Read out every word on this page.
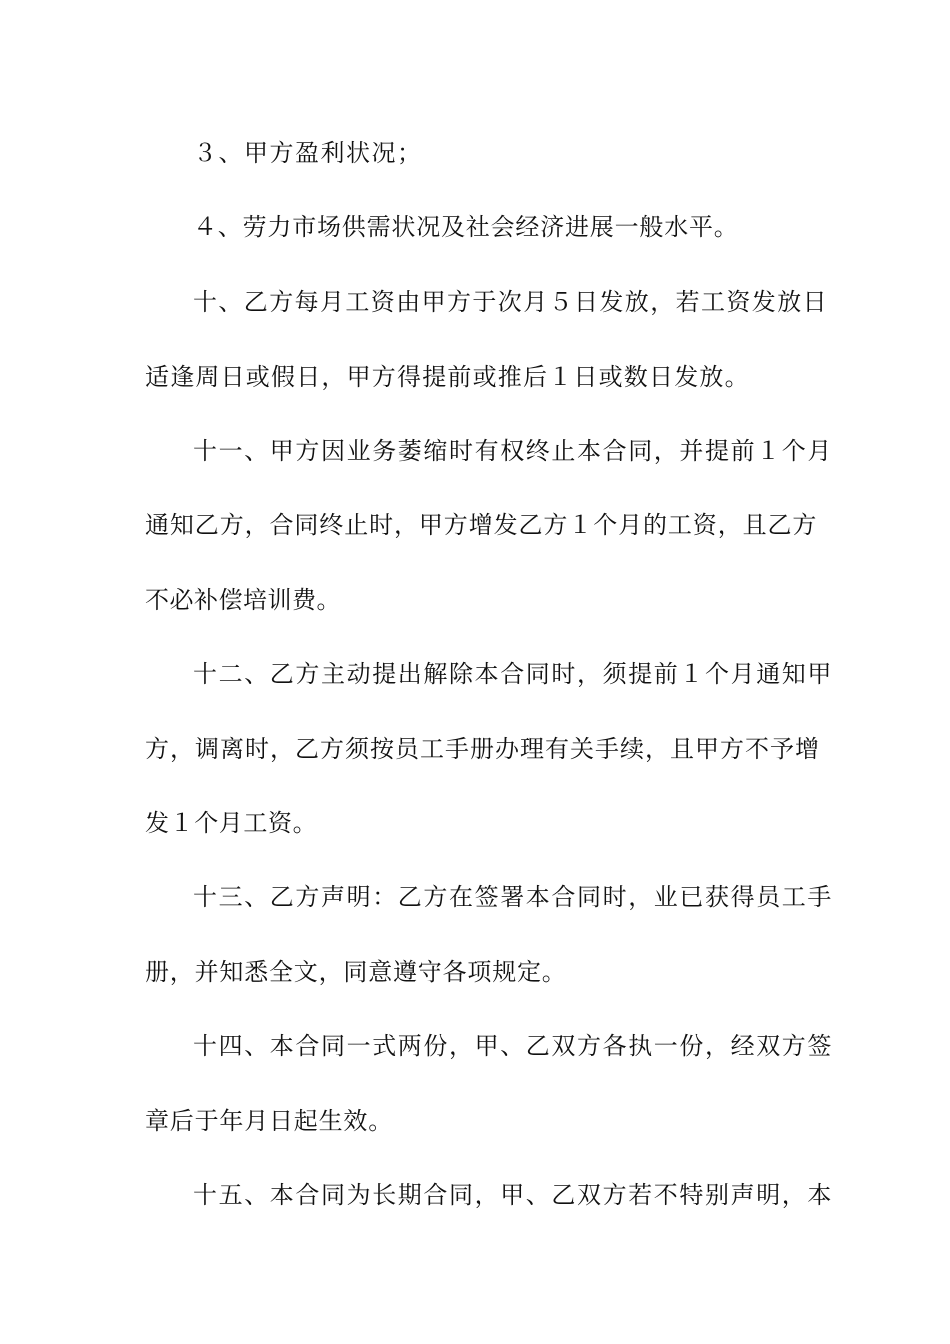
３、甲方盈利状况；
４、劳力市场供需状况及社会经济进展一般水平。
十、乙方每月工资由甲方于次月５日发放，若工资发放日
适逢周日或假日，甲方得提前或推后１日或数日发放。
十一、甲方因业务萎缩时有权终止本合同，并提前１个月
通知乙方，合同终止时，甲方增发乙方１个月的工资，且乙方
不必补偿培训费。
十二、乙方主动提出解除本合同时，须提前１个月通知甲
方，调离时，乙方须按员工手册办理有关手续，且甲方不予增
发１个月工资。
十三、乙方声明：乙方在签署本合同时，业已获得员工手
册，并知悉全文，同意遵守各项规定。
十四、本合同一式两份，甲、乙双方各执一份，经双方签
章后于年月日起生效。
十五、本合同为长期合同，甲、乙双方若不特别声明，本
